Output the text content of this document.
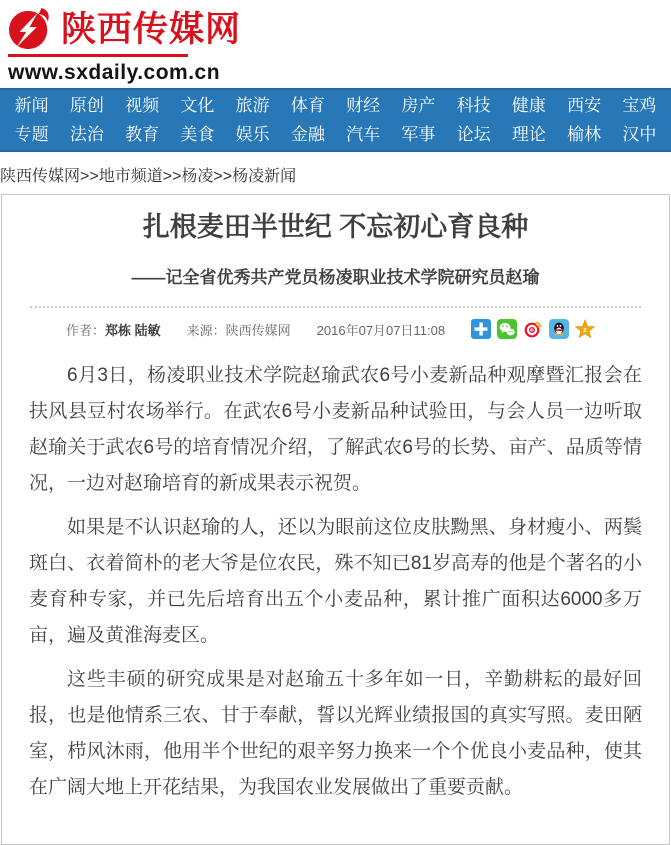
陕西传媒网
www.sxdaily.com.cn
新闻 原创 视频 文化 旅游 体育 财经 房产 科技 健康 西安 宝鸡
专题 法治 教育 美食 娱乐 金融 汽车 军事 论坛 理论 榆林 汉中
陕西传媒网>>地市频道>>杨凌>>杨凌新闻
扎根麦田半世纪 不忘初心育良种
——记全省优秀共产党员杨凌职业技术学院研究员赵瑜
作者：郑栋 陆敏 来源：陕西传媒网 2016年07月07日11:08	z

6月3日，杨凌职业技术学院赵瑜武农6号小麦新品种观摩暨汇报会在扶风县豆村农场举行。在武农6号小麦新品种试验田，与会人员一边听取赵瑜关于武农6号的培育情况介绍，了解武农6号的长势、亩产、品质等情况，一边对赵瑜培育的新成果表示祝贺。

如果是不认识赵瑜的人，还以为眼前这位皮肤黝黑、身材瘦小、两鬓斑白、衣着简朴的老大爷是位农民，殊不知已81岁高寿的他是个著名的小麦育种专家，并已先后培育出五个小麦品种，累计推广面积达6000多万亩，遍及黄淮海麦区。

这些丰硕的研究成果是对赵瑜五十多年如一日，辛勤耕耘的最好回报，也是他情系三农、甘于奉献，誓以光辉业绩报国的真实写照。麦田陋室，栉风沐雨，他用半个世纪的艰辛努力换来一个个优良小麦品种，使其在广阔大地上开花结果，为我国农业发展做出了重要贡献。
